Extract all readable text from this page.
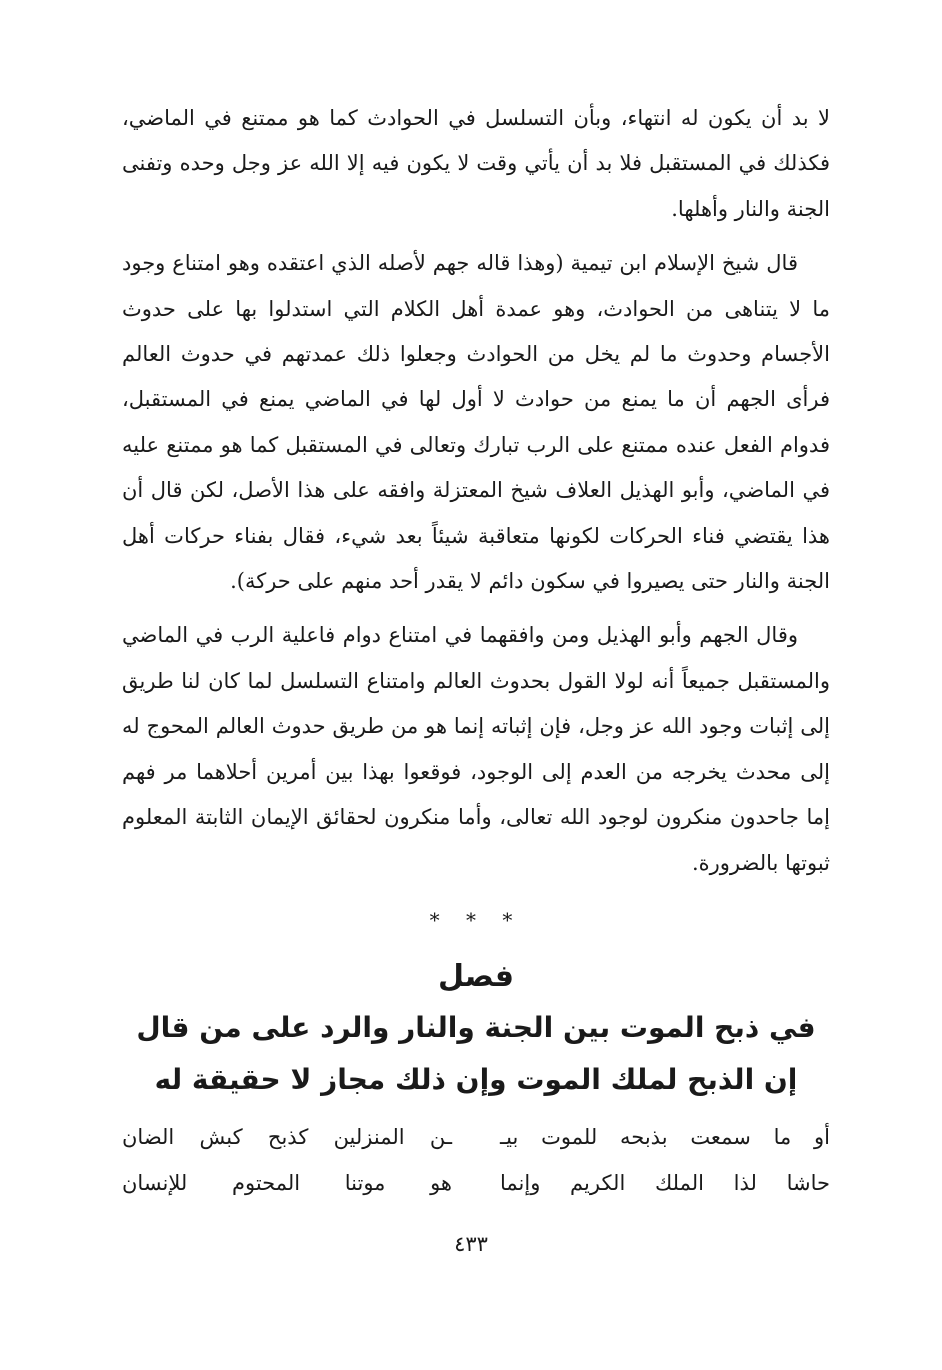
لا بد أن يكون له انتهاء، وبأن التسلسل في الحوادث كما هو ممتنع في الماضي، فكذلك في المستقبل فلا بد أن يأتي وقت لا يكون فيه إلا الله عز وجل وحده وتفنى الجنة والنار وأهلها.

قال شيخ الإسلام ابن تيمية (وهذا قاله جهم لأصله الذي اعتقده وهو امتناع وجود ما لا يتناهى من الحوادث، وهو عمدة أهل الكلام التي استدلوا بها على حدوث الأجسام وحدوث ما لم يخل من الحوادث وجعلوا ذلك عمدتهم في حدوث العالم فرأى الجهم أن ما يمنع من حوادث لا أول لها في الماضي يمنع في المستقبل، فدوام الفعل عنده ممتنع على الرب تبارك وتعالى في المستقبل كما هو ممتنع عليه في الماضي، وأبو الهذيل العلاف شيخ المعتزلة وافقه على هذا الأصل، لكن قال أن هذا يقتضي فناء الحركات لكونها متعاقبة شيئاً بعد شيء، فقال بفناء حركات أهل الجنة والنار حتى يصيروا في سكون دائم لا يقدر أحد منهم على حركة).

وقال الجهم وأبو الهذيل ومن وافقهما في امتناع دوام فاعلية الرب في الماضي والمستقبل جميعاً أنه لولا القول بحدوث العالم وامتناع التسلسل لما كان لنا طريق إلى إثبات وجود الله عز وجل، فإن إثباته إنما هو من طريق حدوث العالم المحوج له إلى محدث يخرجه من العدم إلى الوجود، فوقعوا بهذا بين أمرين أحلاهما مر فهم إما جاحدون منكرون لوجود الله تعالى، وأما منكرون لحقائق الإيمان الثابتة المعلوم ثبوتها بالضرورة.

* * *
فصل
في ذبح الموت بين الجنة والنار والرد على من قال
إن الذبح لملك الموت وإن ذلك مجاز لا حقيقة له
أو ما سمعت بذبحه للموت بيـ
ـن المنزلين كذبح كبش الضان
حاشا لذا الملك الكريم وإنما
هو موتنا المحتوم للإنسان
٤٣٣
